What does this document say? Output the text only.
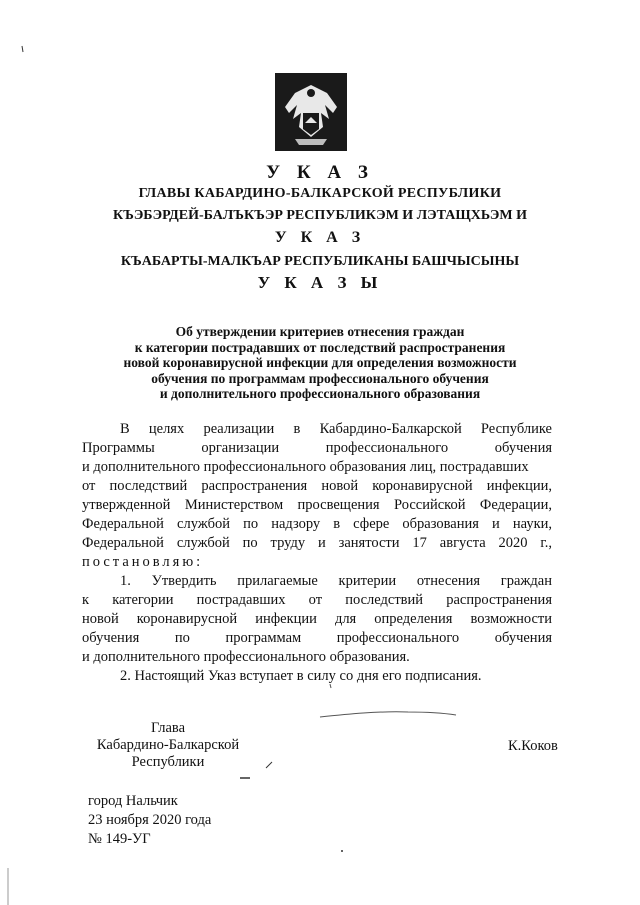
У К А З
ГЛАВЫ КАБАРДИНО-БАЛКАРСКОЙ РЕСПУБЛИКИ
КЪЭБЭРДЕЙ-БАЛЪКЪЭР РЕСПУБЛИКЭМ И ЛЭТАЩХЬЭМ И
У К А З
КЪАБАРТЫ-МАЛКЪАР РЕСПУБЛИКАНЫ БАШЧЫСЫНЫ
У К А З Ы
Об утверждении критериев отнесения граждан
к категории пострадавших от последствий распространения
новой коронавирусной инфекции для определения возможности
обучения по программам профессионального обучения
и дополнительного профессионального образования
В целях реализации в Кабардино-Балкарской Республике
Программы организации профессионального обучения
и дополнительного профессионального образования лиц, пострадавших
от последствий распространения новой коронавирусной инфекции,
утвержденной Министерством просвещения Российской Федерации,
Федеральной службой по надзору в сфере образования и науки,
Федеральной службой по труду и занятости 17 августа 2020 г.,
постановляю:
1. Утвердить прилагаемые критерии отнесения граждан
к категории пострадавших от последствий распространения
новой коронавирусной инфекции для определения возможности
обучения по программам профессионального обучения
и дополнительного профессионального образования.
2. Настоящий Указ вступает в силу со дня его подписания.
Глава
Кабардино-Балкарской
Республики
К.Коков
город Нальчик
23 ноября 2020 года
№ 149-УГ
